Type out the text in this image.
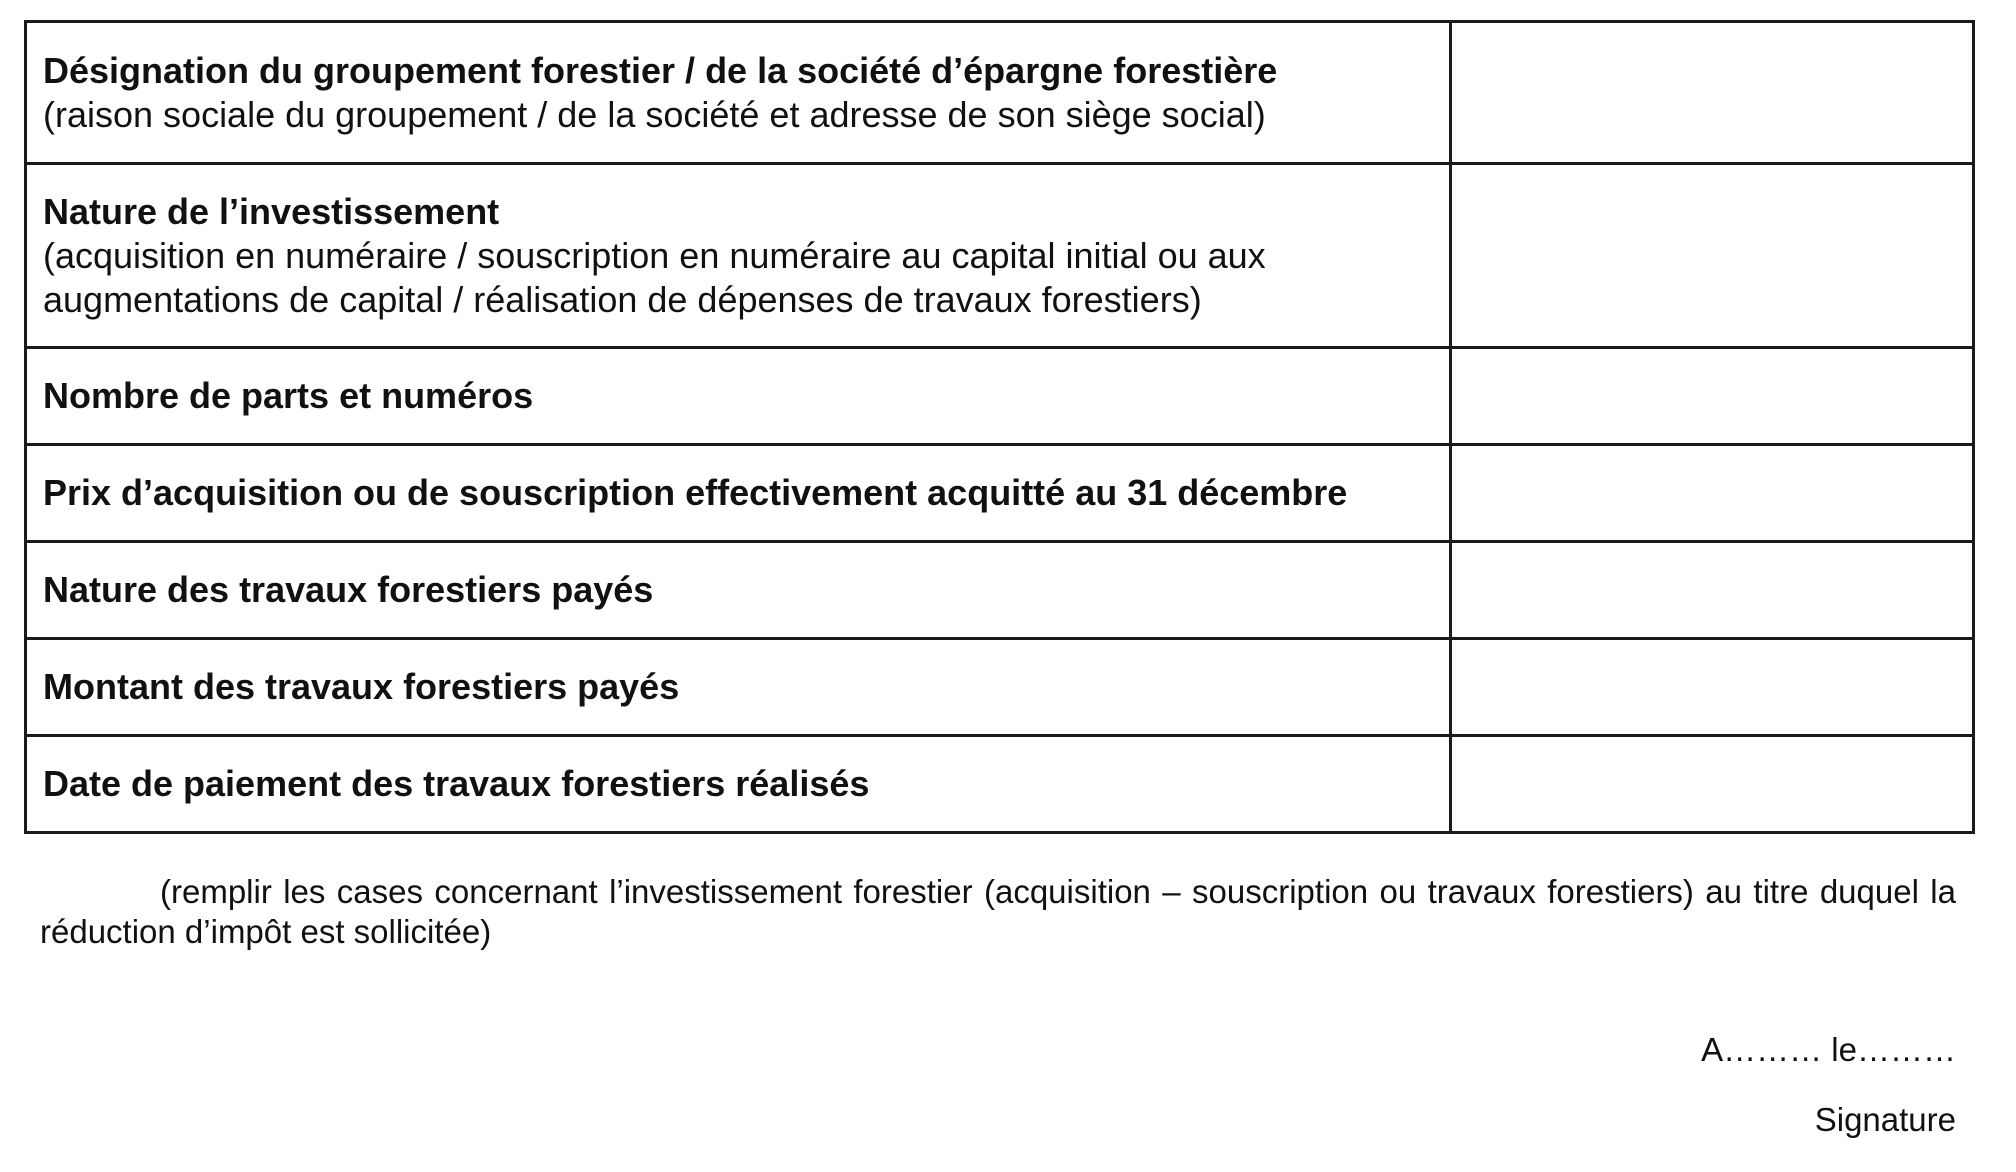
Désignation du groupement forestier / de la société d’épargne forestière
(raison sociale du groupement / de la société et adresse de son siège social)	

Nature de l’investissement
(acquisition en numéraire / souscription en numéraire au capital initial ou aux augmentations de capital / réalisation de dépenses de travaux forestiers)	

Nombre de parts et numéros	

Prix d’acquisition ou de souscription effectivement acquitté au 31 décembre	

Nature des travaux forestiers payés	

Montant des travaux forestiers payés	

Date de paiement des travaux forestiers réalisés	

(remplir les cases concernant l’investissement forestier (acquisition – souscription ou travaux forestiers) au titre duquel la réduction d’impôt est sollicitée)

A……… le………

Signature
